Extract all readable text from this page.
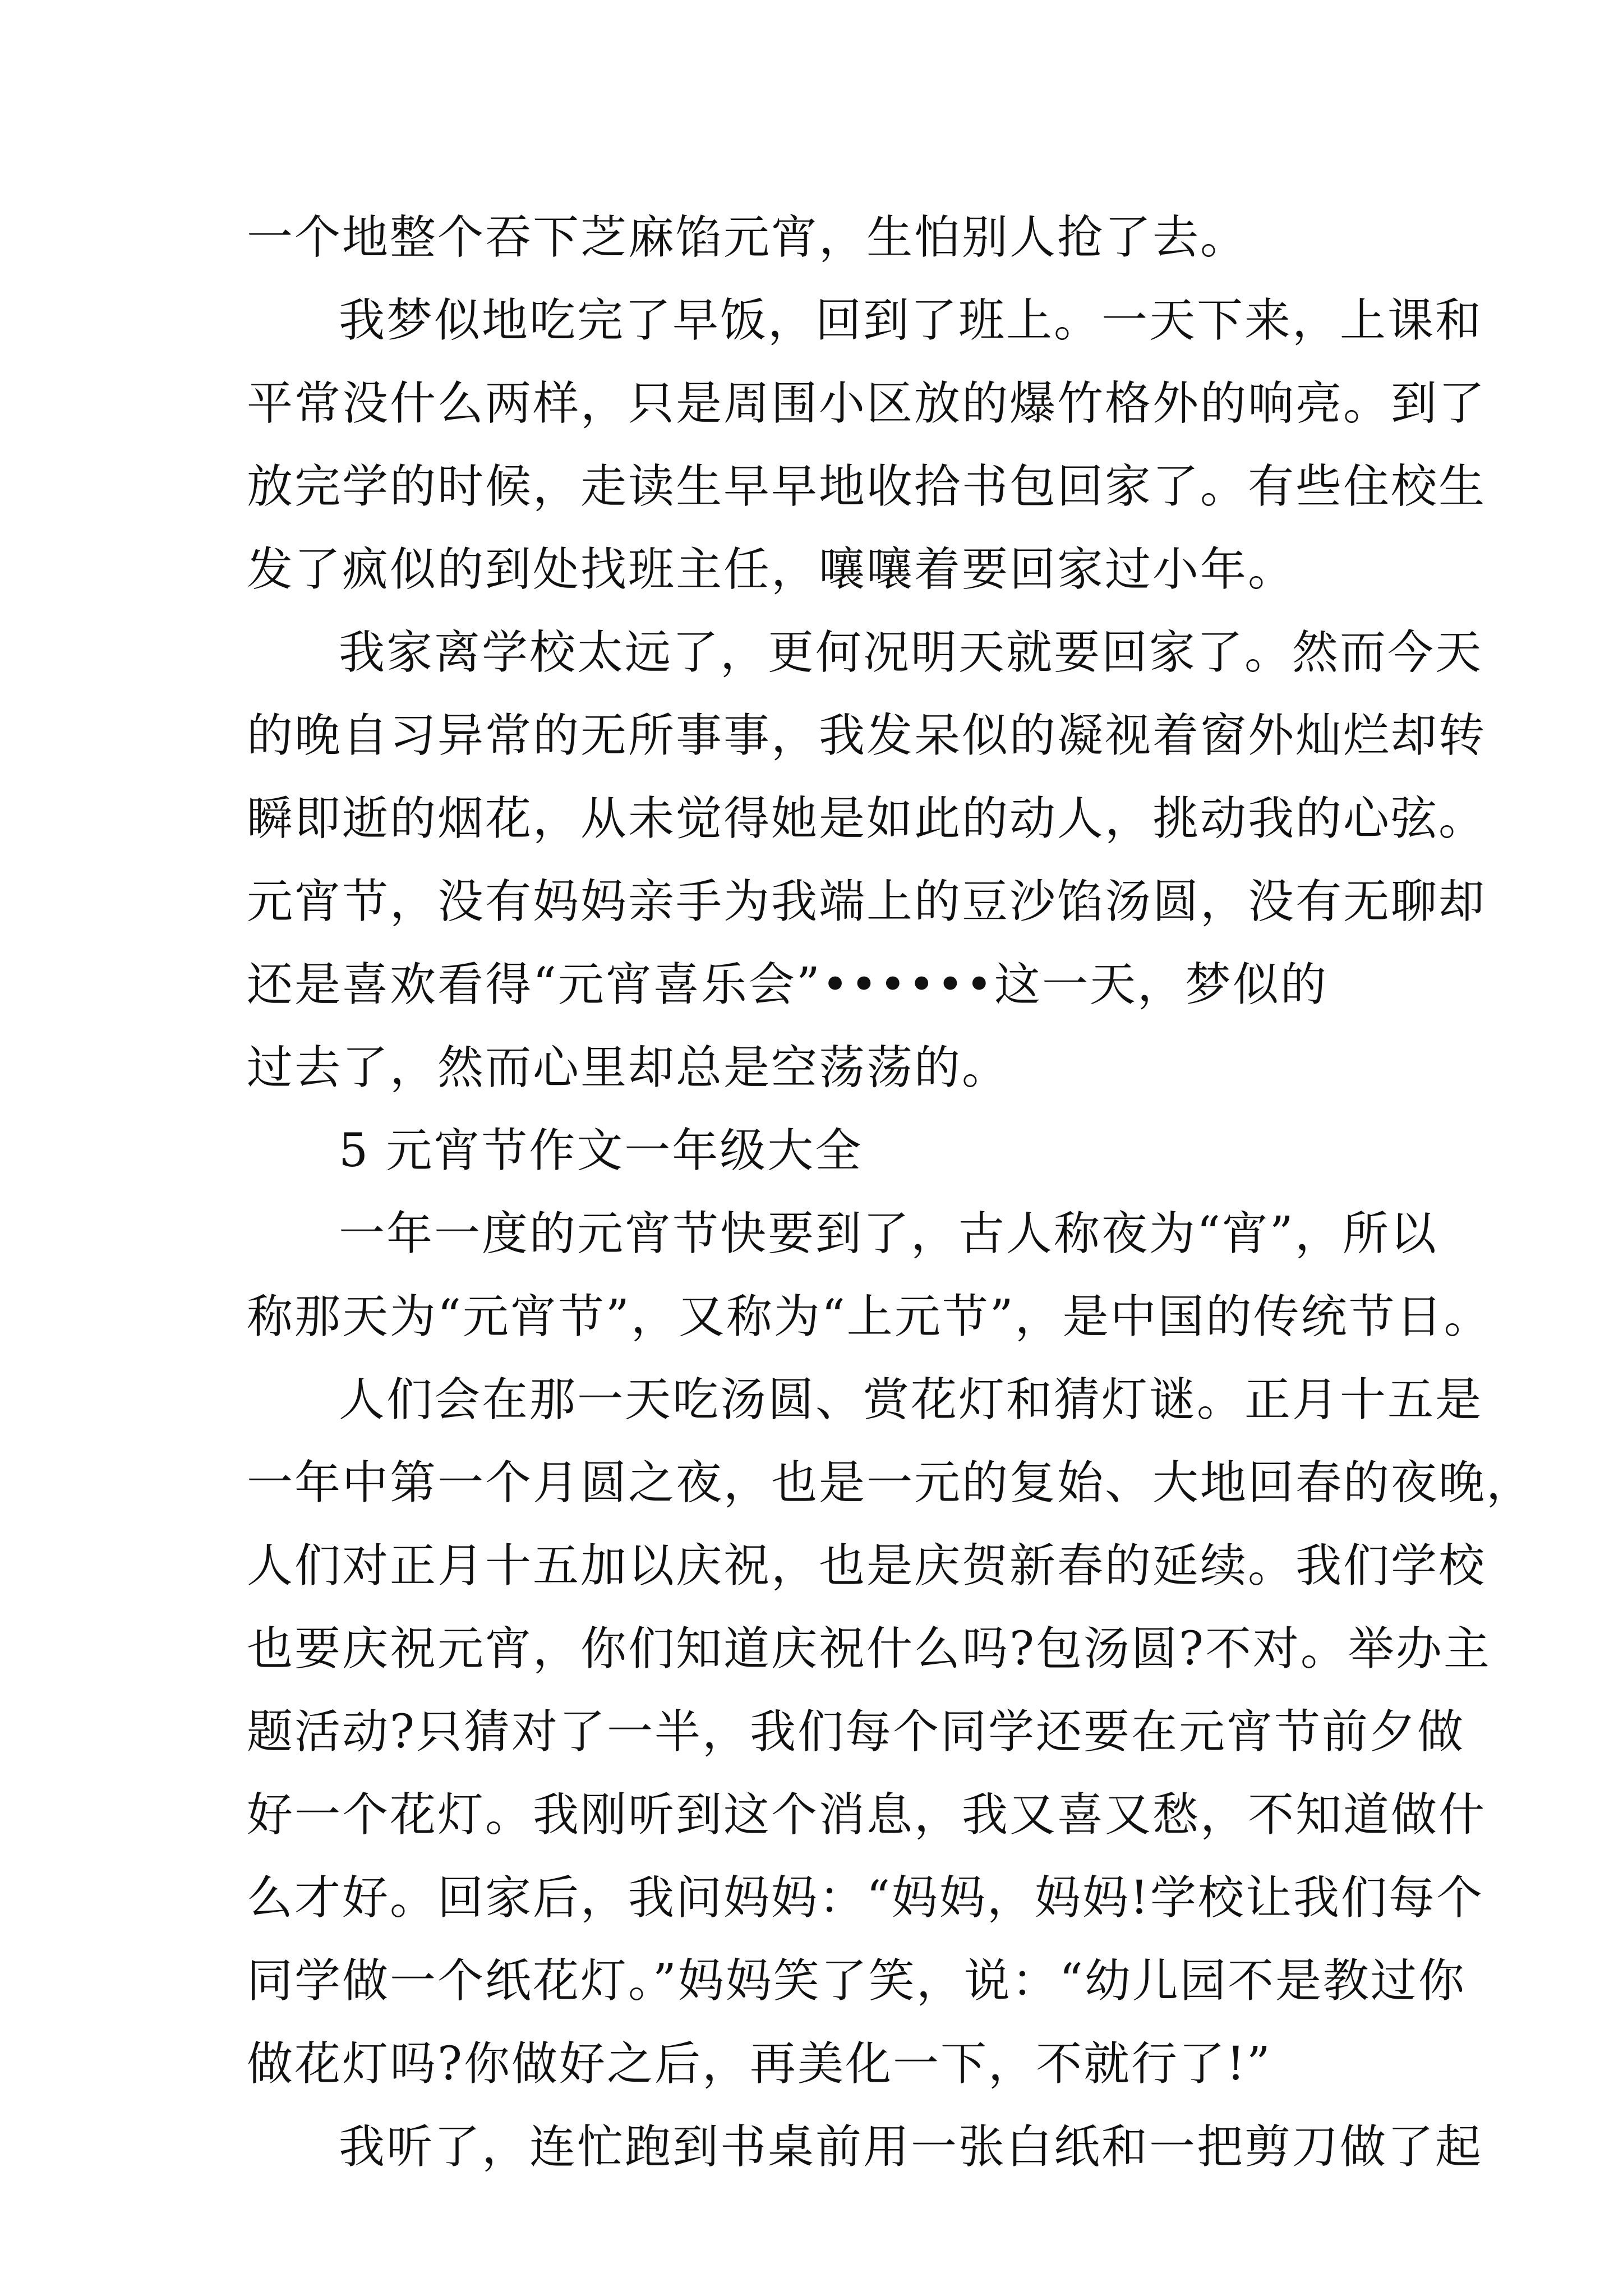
一个地整个吞下芝麻馅元宵，生怕别人抢了去。
我梦似地吃完了早饭，回到了班上。一天下来，上课和
平常没什么两样，只是周围小区放的爆竹格外的响亮。到了
放完学的时候，走读生早早地收拾书包回家了。有些住校生
发了疯似的到处找班主任，嚷嚷着要回家过小年。
我家离学校太远了，更何况明天就要回家了。然而今天
的晚自习异常的无所事事，我发呆似的凝视着窗外灿烂却转
瞬即逝的烟花，从未觉得她是如此的动人，挑动我的心弦。
元宵节，没有妈妈亲手为我端上的豆沙馅汤圆，没有无聊却
还是喜欢看得“元宵喜乐会”••••••这一天，梦似的
过去了，然而心里却总是空荡荡的。
5 元宵节作文一年级大全
一年一度的元宵节快要到了，古人称夜为“宵”，所以
称那天为“元宵节”，又称为“上元节”，是中国的传统节日。
人们会在那一天吃汤圆、赏花灯和猜灯谜。正月十五是
一年中第一个月圆之夜，也是一元的复始、大地回春的夜晚，
人们对正月十五加以庆祝，也是庆贺新春的延续。我们学校
也要庆祝元宵，你们知道庆祝什么吗?包汤圆?不对。举办主
题活动?只猜对了一半，我们每个同学还要在元宵节前夕做
好一个花灯。我刚听到这个消息，我又喜又愁，不知道做什
么才好。回家后，我问妈妈：“妈妈，妈妈!学校让我们每个
同学做一个纸花灯。”妈妈笑了笑，说：“幼儿园不是教过你
做花灯吗?你做好之后，再美化一下，不就行了!”
我听了，连忙跑到书桌前用一张白纸和一把剪刀做了起
